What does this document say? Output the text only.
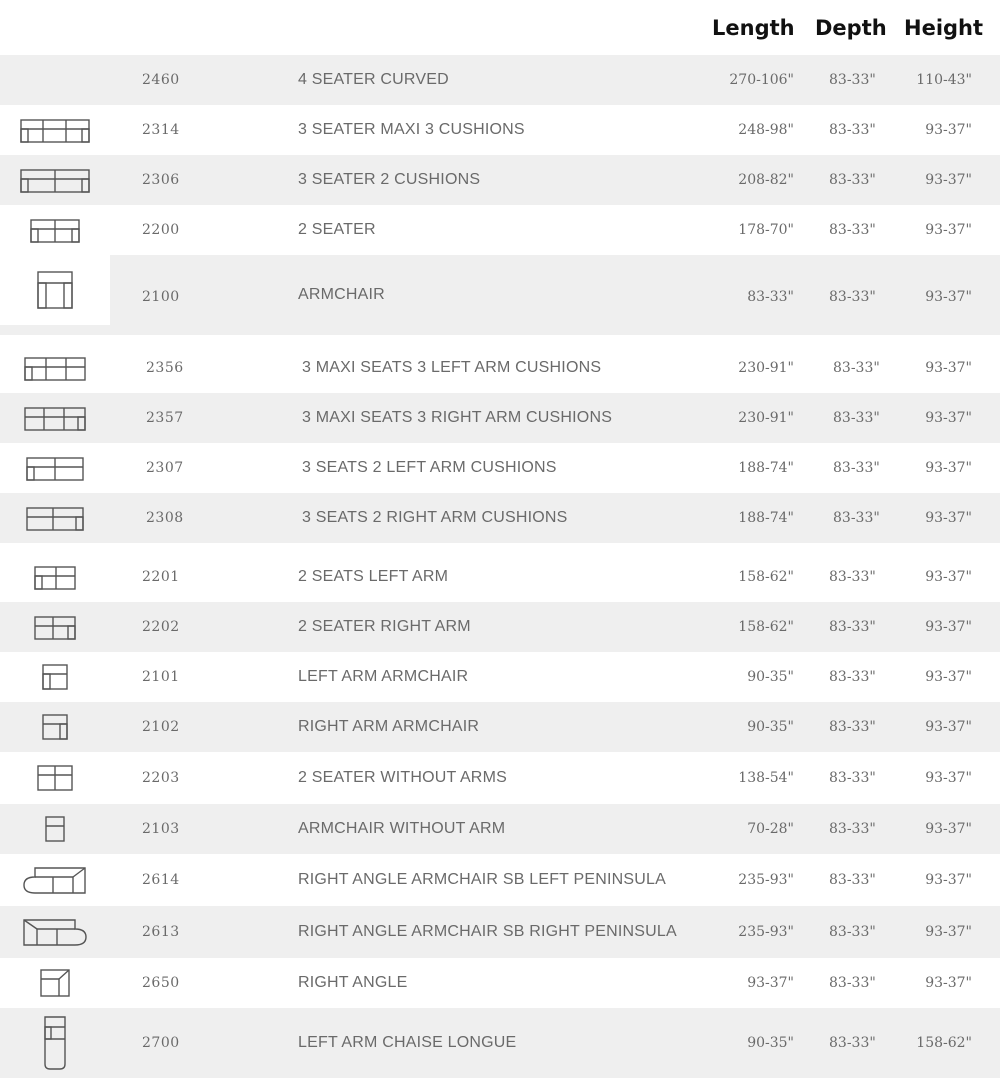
Length Depth Height
2460	4 SEATER CURVED	270-106"	83-33"	110-43"
2314	3 SEATER MAXI 3 CUSHIONS	248-98"	83-33"	93-37"
2306	3 SEATER 2 CUSHIONS	208-82"	83-33"	93-37"
2200	2 SEATER	178-70"	83-33"	93-37"
2100	ARMCHAIR	83-33"	83-33"	93-37"
2356	3 MAXI SEATS 3 LEFT ARM CUSHIONS	230-91"	83-33"	93-37"
2357	3 MAXI SEATS 3 RIGHT ARM CUSHIONS	230-91"	83-33"	93-37"
2307	3 SEATS 2 LEFT ARM CUSHIONS	188-74"	83-33"	93-37"
2308	3 SEATS 2 RIGHT ARM CUSHIONS	188-74"	83-33"	93-37"
2201	2 SEATS LEFT ARM	158-62"	83-33"	93-37"
2202	2 SEATER RIGHT ARM	158-62"	83-33"	93-37"
2101	LEFT ARM ARMCHAIR	90-35"	83-33"	93-37"
2102	RIGHT ARM ARMCHAIR	90-35"	83-33"	93-37"
2203	2 SEATER WITHOUT ARMS	138-54"	83-33"	93-37"
2103	ARMCHAIR WITHOUT ARM	70-28"	83-33"	93-37"
2614	RIGHT ANGLE ARMCHAIR SB LEFT PENINSULA	235-93"	83-33"	93-37"
2613	RIGHT ANGLE ARMCHAIR SB RIGHT PENINSULA	235-93"	83-33"	93-37"
2650	RIGHT ANGLE	93-37"	83-33"	93-37"
2700	LEFT ARM CHAISE LONGUE	90-35"	83-33"	158-62"
